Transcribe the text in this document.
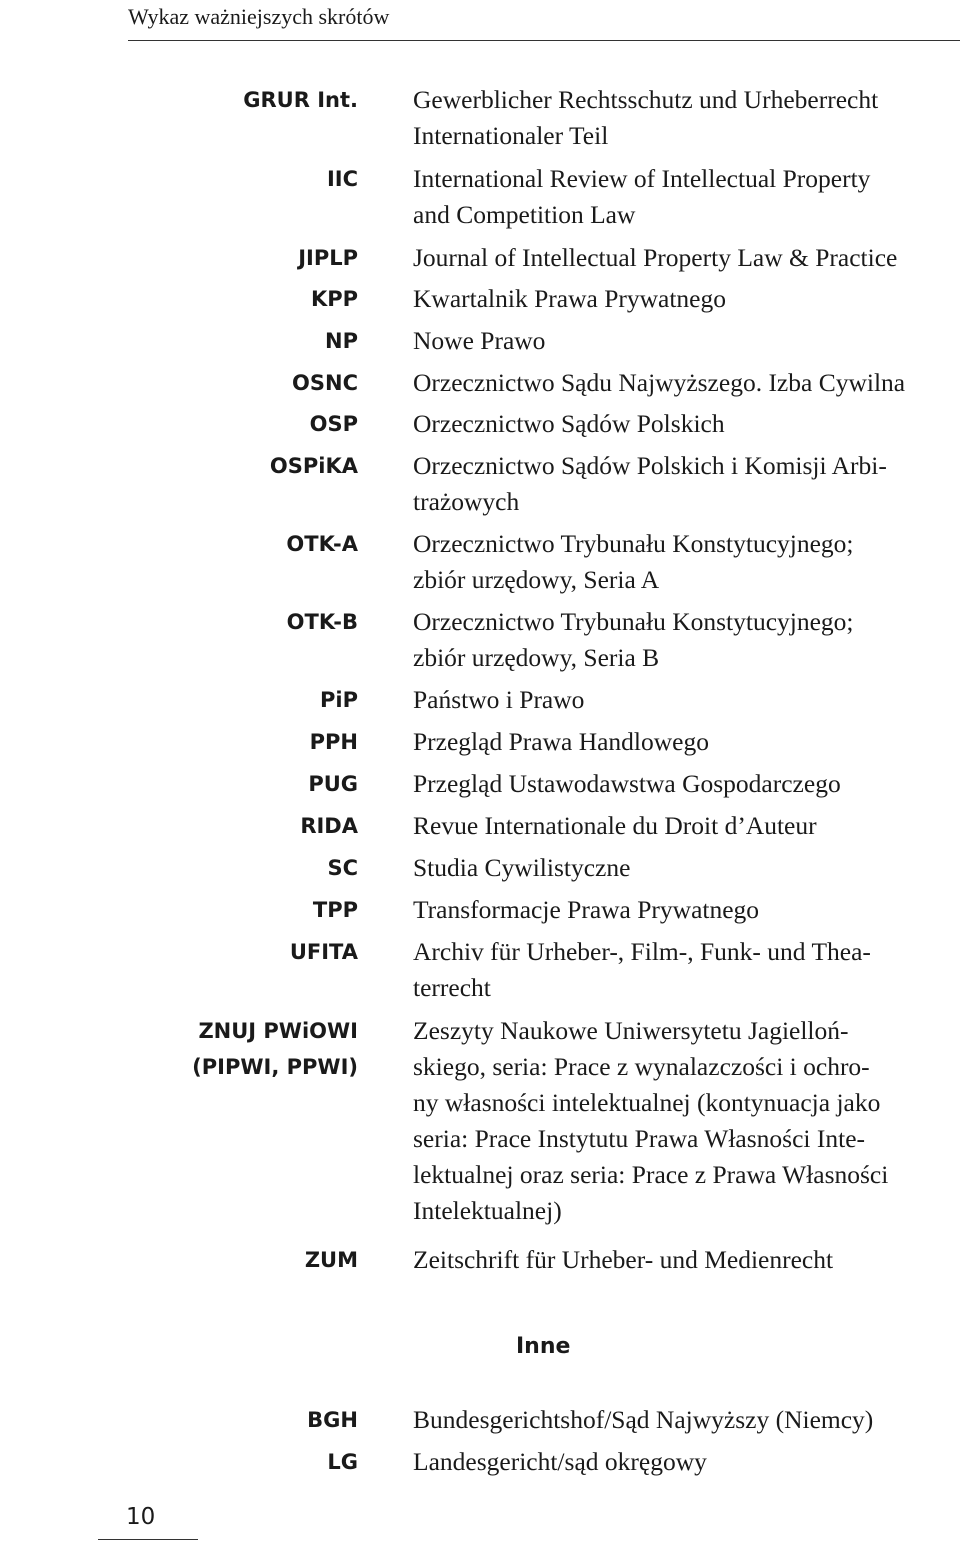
Wykaz ważniejszych skrótów
GRUR Int. Gewerblicher Rechtsschutz und Urheberrecht
Internationaler Teil
IIC International Review of Intellectual Property
and Competition Law
JIPLP Journal of Intellectual Property Law & Practice
KPP Kwartalnik Prawa Prywatnego
NP Nowe Prawo
OSNC Orzecznictwo Sądu Najwyższego. Izba Cywilna
OSP Orzecznictwo Sądów Polskich
OSPiKA Orzecznictwo Sądów Polskich i Komisji Arbi-
trażowych
OTK-A Orzecznictwo Trybunału Konstytucyjnego;
zbiór urzędowy, Seria A
OTK-B Orzecznictwo Trybunału Konstytucyjnego;
zbiór urzędowy, Seria B
PiP Państwo i Prawo
PPH Przegląd Prawa Handlowego
PUG Przegląd Ustawodawstwa Gospodarczego
RIDA Revue Internationale du Droit d’Auteur
SC Studia Cywilistyczne
TPP Transformacje Prawa Prywatnego
UFITA Archiv für Urheber-, Film-, Funk- und Thea-
terrecht
ZNUJ PWiOWI
(PIPWI, PPWI)
Zeszyty Naukowe Uniwersytetu Jagielloń-
skiego, seria: Prace z wynalazczości i ochro-
ny własności intelektualnej (kontynuacja jako
seria: Prace Instytutu Prawa Własności Inte-
lektualnej oraz seria: Prace z Prawa Własności
Intelektualnej)
ZUM Zeitschrift für Urheber- und Medienrecht
Inne
BGH Bundesgerichtshof/Sąd Najwyższy (Niemcy)
LG Landesgericht/sąd okręgowy
10
